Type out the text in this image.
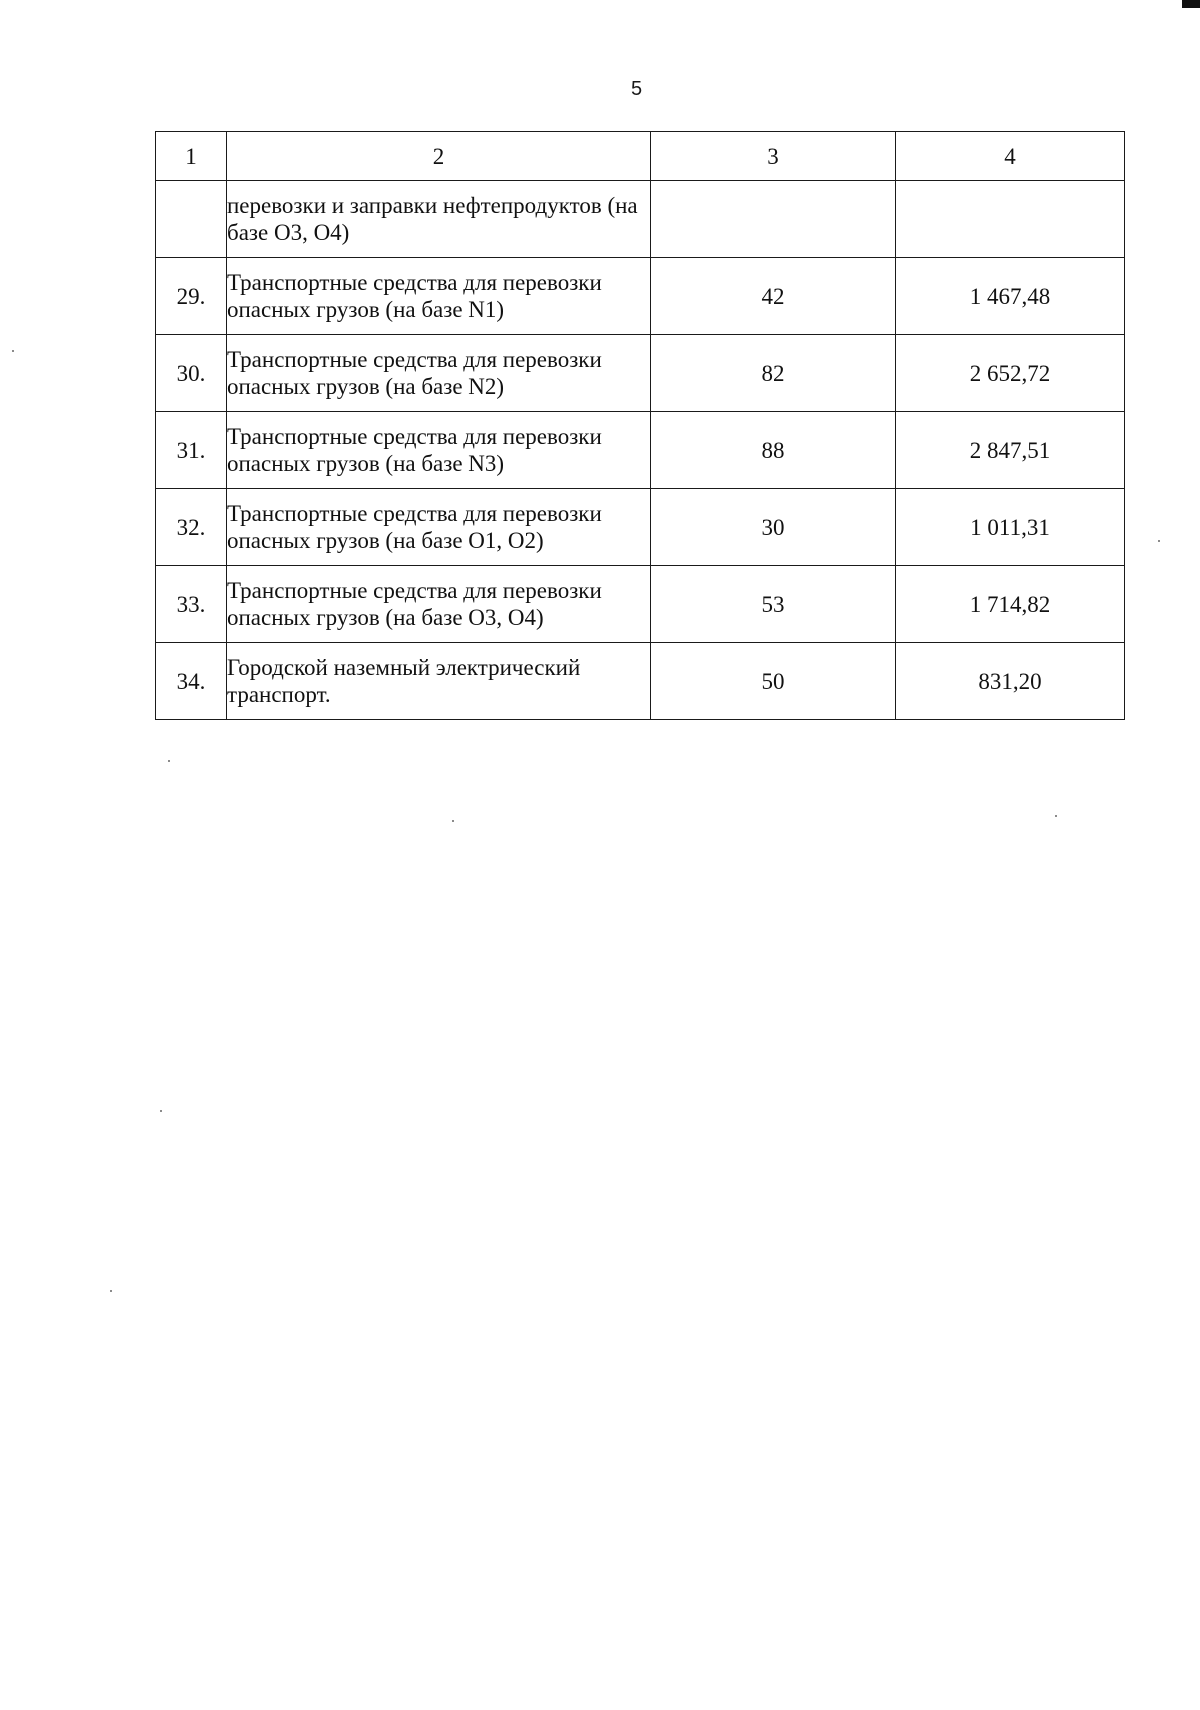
5
1	2	3	4
	перевозки и заправки нефтепродуктов (на базе O3, O4)		
29.	Транспортные средства для перевозки опасных грузов (на базе N1)	42	1 467,48
30.	Транспортные средства для перевозки опасных грузов (на базе N2)	82	2 652,72
31.	Транспортные средства для перевозки опасных грузов (на базе N3)	88	2 847,51
32.	Транспортные средства для перевозки опасных грузов (на базе O1, O2)	30	1 011,31
33.	Транспортные средства для перевозки опасных грузов (на базе O3, O4)	53	1 714,82
34.	Городской наземный электрический транспорт.	50	831,20
